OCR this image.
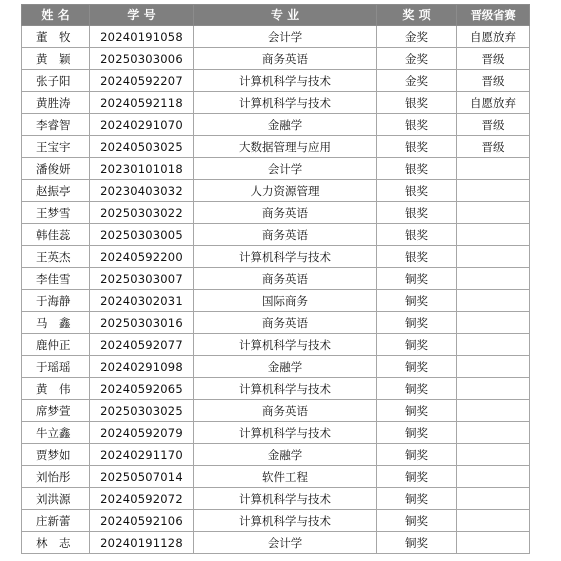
姓 名	学 号	专 业	奖 项	晋级省赛
董　牧	20240191058	会计学	金奖	自愿放弃
黄　颖	20250303006	商务英语	金奖	晋级
张子阳	20240592207	计算机科学与技术	金奖	晋级
黄胜涛	20240592118	计算机科学与技术	银奖	自愿放弃
李睿智	20240291070	金融学	银奖	晋级
王宝宇	20240503025	大数据管理与应用	银奖	晋级
潘俊妍	20230101018	会计学	银奖	
赵振亭	20230403032	人力资源管理	银奖	
王梦雪	20250303022	商务英语	银奖	
韩佳蕊	20250303005	商务英语	银奖	
王英杰	20240592200	计算机科学与技术	银奖	
李佳雪	20250303007	商务英语	铜奖	
于海静	20240302031	国际商务	铜奖	
马　鑫	20250303016	商务英语	铜奖	
鹿仲正	20240592077	计算机科学与技术	铜奖	
于瑶瑶	20240291098	金融学	铜奖	
黄　伟	20240592065	计算机科学与技术	铜奖	
席梦萱	20250303025	商务英语	铜奖	
牛立鑫	20240592079	计算机科学与技术	铜奖	
贾梦如	20240291170	金融学	铜奖	
刘怡彤	20250507014	软件工程	铜奖	
刘洪源	20240592072	计算机科学与技术	铜奖	
庄新蕾	20240592106	计算机科学与技术	铜奖	
林　志	20240191128	会计学	铜奖	
